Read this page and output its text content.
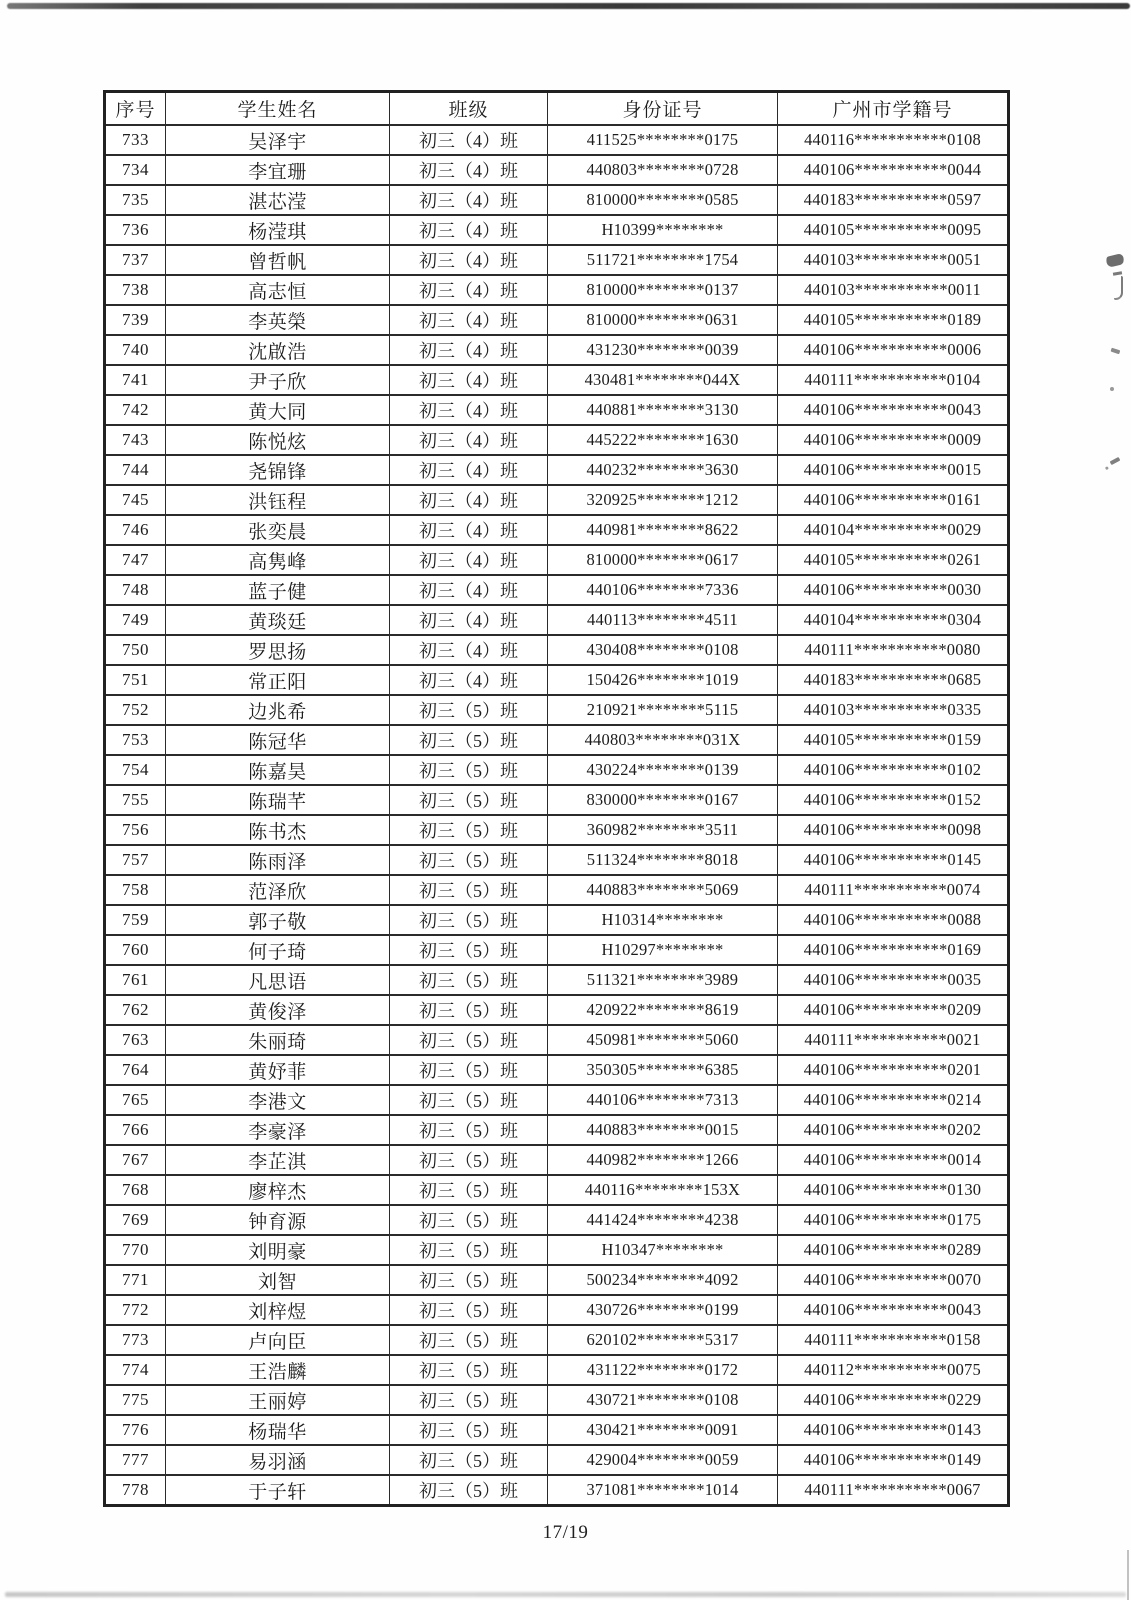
序号	学生姓名	班级	身份证号	广州市学籍号
733	吴泽宇	初三（4）班	411525********0175	440116***********0108
734	李宜珊	初三（4）班	440803********0728	440106***********0044
735	湛芯滢	初三（4）班	810000********0585	440183***********0597
736	杨滢琪	初三（4）班	H10399********	440105***********0095
737	曾哲帆	初三（4）班	511721********1754	440103***********0051
738	高志恒	初三（4）班	810000********0137	440103***********0011
739	李英榮	初三（4）班	810000********0631	440105***********0189
740	沈啟浩	初三（4）班	431230********0039	440106***********0006
741	尹子欣	初三（4）班	430481********044X	440111***********0104
742	黄大同	初三（4）班	440881********3130	440106***********0043
743	陈悦炫	初三（4）班	445222********1630	440106***********0009
744	尧锦锋	初三（4）班	440232********3630	440106***********0015
745	洪钰程	初三（4）班	320925********1212	440106***********0161
746	张奕晨	初三（4）班	440981********8622	440104***********0029
747	高隽峰	初三（4）班	810000********0617	440105***********0261
748	蓝子健	初三（4）班	440106********7336	440106***********0030
749	黄琰廷	初三（4）班	440113********4511	440104***********0304
750	罗思扬	初三（4）班	430408********0108	440111***********0080
751	常正阳	初三（4）班	150426********1019	440183***********0685
752	边兆希	初三（5）班	210921********5115	440103***********0335
753	陈冠华	初三（5）班	440803********031X	440105***********0159
754	陈嘉昊	初三（5）班	430224********0139	440106***********0102
755	陈瑞芊	初三（5）班	830000********0167	440106***********0152
756	陈书杰	初三（5）班	360982********3511	440106***********0098
757	陈雨泽	初三（5）班	511324********8018	440106***********0145
758	范泽欣	初三（5）班	440883********5069	440111***********0074
759	郭子敬	初三（5）班	H10314********	440106***********0088
760	何子琦	初三（5）班	H10297********	440106***********0169
761	凡思语	初三（5）班	511321********3989	440106***********0035
762	黄俊泽	初三（5）班	420922********8619	440106***********0209
763	朱丽琦	初三（5）班	450981********5060	440111***********0021
764	黄妤菲	初三（5）班	350305********6385	440106***********0201
765	李港文	初三（5）班	440106********7313	440106***********0214
766	李豪泽	初三（5）班	440883********0015	440106***********0202
767	李芷淇	初三（5）班	440982********1266	440106***********0014
768	廖梓杰	初三（5）班	440116********153X	440106***********0130
769	钟育源	初三（5）班	441424********4238	440106***********0175
770	刘明豪	初三（5）班	H10347********	440106***********0289
771	刘智	初三（5）班	500234********4092	440106***********0070
772	刘梓煜	初三（5）班	430726********0199	440106***********0043
773	卢向臣	初三（5）班	620102********5317	440111***********0158
774	王浩麟	初三（5）班	431122********0172	440112***********0075
775	王丽婷	初三（5）班	430721********0108	440106***********0229
776	杨瑞华	初三（5）班	430421********0091	440106***********0143
777	易羽涵	初三（5）班	429004********0059	440106***********0149
778	于子轩	初三（5）班	371081********1014	440111***********0067
17/19
